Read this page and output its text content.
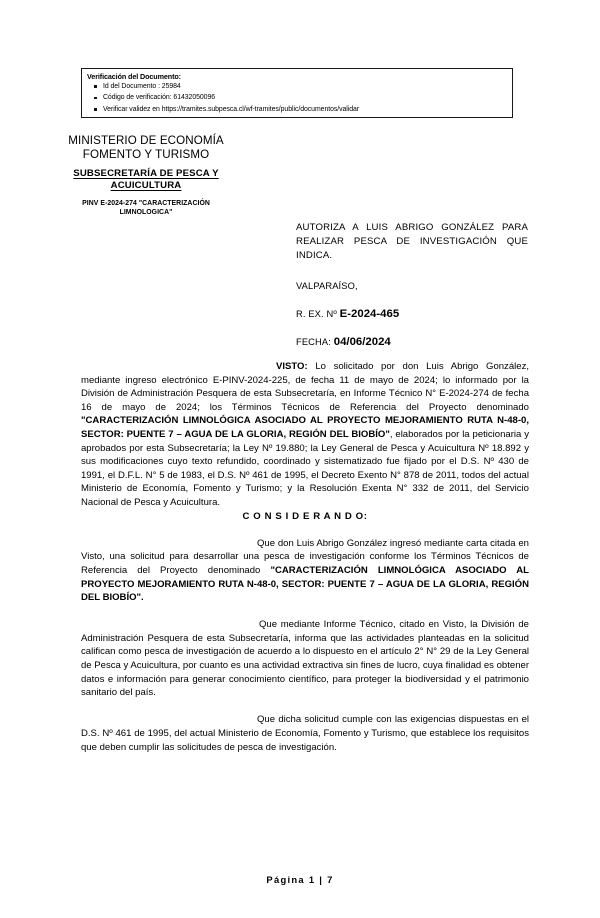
Verificación del Documento:
Id del Documento : 25984
Código de verificación: 61432050096
Verificar validez en https://tramites.subpesca.cl/wf-tramites/public/documentos/validar
MINISTERIO DE ECONOMÍA
FOMENTO Y TURISMO
SUBSECRETARÍA DE PESCA Y
ACUICULTURA
PINV E-2024-274 "CARACTERIZACIÓN
LIMNOLOGICA"
AUTORIZA A LUIS ABRIGO GONZÁLEZ PARA REALIZAR PESCA DE INVESTIGACIÓN QUE INDICA.
VALPARAÍSO,
R. EX. Nº E-2024-465
FECHA: 04/06/2024

VISTO: Lo solicitado por don Luis Abrigo González, mediante ingreso electrónico E-PINV-2024-225, de fecha 11 de mayo de 2024; lo informado por la División de Administración Pesquera de esta Subsecretaría, en Informe Técnico N° E-2024-274 de fecha 16 de mayo de 2024; los Términos Técnicos de Referencia del Proyecto denominado "CARACTERIZACIÓN LIMNOLÓGICA ASOCIADO AL PROYECTO MEJORAMIENTO RUTA N-48-0, SECTOR: PUENTE 7 – AGUA DE LA GLORIA, REGIÓN DEL BIOBÍO", elaborados por la peticionaria y aprobados por esta Subsecretaría; la Ley Nº 19.880; la Ley General de Pesca y Acuicultura Nº 18.892 y sus modificaciones cuyo texto refundido, coordinado y sistematizado fue fijado por el D.S. Nº 430 de 1991, el D.F.L. N° 5 de 1983, el D.S. Nº 461 de 1995, el Decreto Exento N° 878 de 2011, todos del actual Ministerio de Economía, Fomento y Turismo; y la Resolución Exenta N° 332 de 2011, del Servicio Nacional de Pesca y Acuicultura.

C O N S I D E R A N D O:

Que don Luis Abrigo González ingresó mediante carta citada en Visto, una solicitud para desarrollar una pesca de investigación conforme los Términos Técnicos de Referencia del Proyecto denominado "CARACTERIZACIÓN LIMNOLÓGICA ASOCIADO AL PROYECTO MEJORAMIENTO RUTA N-48-0, SECTOR: PUENTE 7 – AGUA DE LA GLORIA, REGIÓN DEL BIOBÍO".

Que mediante Informe Técnico, citado en Visto, la División de Administración Pesquera de esta Subsecretaría, informa que las actividades planteadas en la solicitud califican como pesca de investigación de acuerdo a lo dispuesto en el artículo 2° N° 29 de la Ley General de Pesca y Acuicultura, por cuanto es una actividad extractiva sin fines de lucro, cuya finalidad es obtener datos e información para generar conocimiento científico, para proteger la biodiversidad y el patrimonio sanitario del país.

Que dicha solicitud cumple con las exigencias dispuestas en el D.S. Nº 461 de 1995, del actual Ministerio de Economía, Fomento y Turismo, que establece los requisitos que deben cumplir las solicitudes de pesca de investigación.

Página 1 | 7
